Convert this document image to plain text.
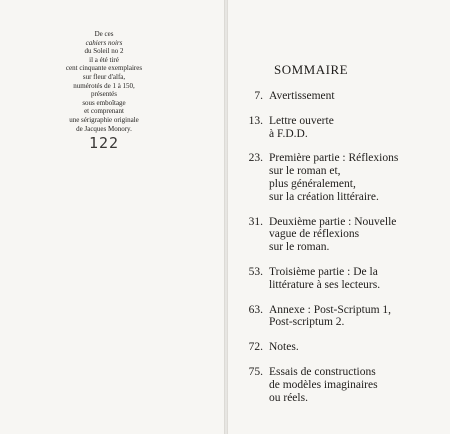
De ces
cahiers noirs
du Soleil no 2
il a été tiré
cent cinquante exemplaires
sur fleur d'alfa,
numérotés de 1 à 150,
présentés
sous emboîtage
et comprenant
une sérigraphie originale
de Jacques Monory.
122
SOMMAIRE
7. Avertissement
13. Lettre ouverte
à F.D.D.
23. Première partie : Réflexions
sur le roman et,
plus généralement,
sur la création littéraire.
31. Deuxième partie : Nouvelle
vague de réflexions
sur le roman.
53. Troisième partie : De la
littérature à ses lecteurs.
63. Annexe : Post-Scriptum 1,
Post-scriptum 2.
72. Notes.
75. Essais de constructions
de modèles imaginaires
ou réels.
